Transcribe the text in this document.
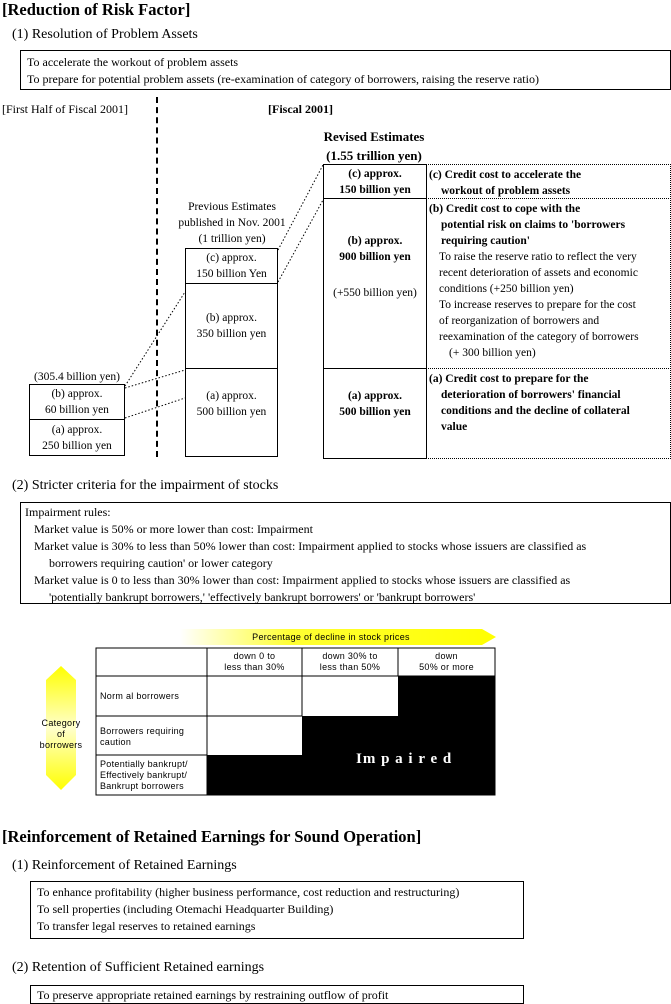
[Reduction of Risk Factor]
(1) Resolution of Problem Assets
To accelerate the workout of problem assets
To prepare for potential problem assets (re-examination of category of borrowers, raising the reserve ratio)
[First Half of Fiscal 2001]	[Fiscal 2001]
(305.4 billion yen)
(b) approx.
60 billion yen
(a) approx.
250 billion yen
Previous Estimates
published in Nov. 2001
(1 trillion yen)
(c) approx.
150 billion Yen
(b) approx.
350 billion yen
(a) approx.
500 billion yen
Revised Estimates
(1.55 trillion yen)
(c) approx.
150 billion yen
(b) approx.
900 billion yen
(+550 billion yen)
(a) approx.
500 billion yen
(c) Credit cost to accelerate the
workout of problem assets
(b) Credit cost to cope with the
potential risk on claims to 'borrowers
requiring caution'
To raise the reserve ratio to reflect the very
recent deterioration of assets and economic
conditions (+250 billion yen)
To increase reserves to prepare for the cost
of reorganization of borrowers and
reexamination of the category of borrowers
(+ 300 billion yen)
(a) Credit cost to prepare for the
deterioration of borrowers' financial
conditions and the decline of collateral
value
(2) Stricter criteria for the impairment of stocks
Impairment rules:
Market value is 50% or more lower than cost: Impairment
Market value is 30% to less than 50% lower than cost: Impairment applied to stocks whose issuers are classified as
borrowers requiring caution' or lower category
Market value is 0 to less than 30% lower than cost: Impairment applied to stocks whose issuers are classified as
'potentially bankrupt borrowers,' 'effectively bankrupt borrowers' or 'bankrupt borrowers'
Percentage of decline in stock prices
down 0 to
less than 30%
down 30% to
less than 50%
down
50% or more
Norm al borrowers
Borrowers requiring
caution
Potentially bankrupt/
Effectively bankrupt/
Bankrupt borrowers
Category
of
borrowers
Im p a i r e d
[Reinforcement of Retained Earnings for Sound Operation]
(1) Reinforcement of Retained Earnings
To enhance profitability (higher business performance, cost reduction and restructuring)
To sell properties (including Otemachi Headquarter Building)
To transfer legal reserves to retained earnings
(2) Retention of Sufficient Retained earnings
To preserve appropriate retained earnings by restraining outflow of profit
